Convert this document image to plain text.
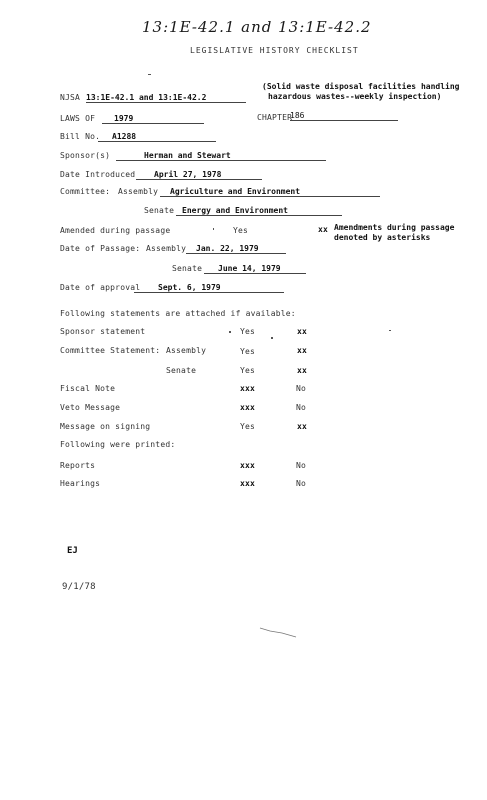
13:1E-42.1 and 13:1E-42.2
LEGISLATIVE HISTORY CHECKLIST
NJSA 13:1E-42.1 and 13:1E-42.2
(Solid waste disposal facilities handling
hazardous wastes--weekly inspection)
LAWS OF	1979	CHAPTER
186
Bill No.	A1288
Sponsor(s)	Herman and Stewart
Date Introduced	April 27, 1978
Committee: Assembly	Agriculture and Environment
Senate Energy and Environment
Amended during passage	Yes	xx Amendments during passage
denoted by asterisks
Date of Passage: Assembly	Jan. 22, 1979
Senate	June 14, 1979
Date of approval	Sept. 6, 1979
Following statements are attached if available:
Sponsor statement	Yes	xx
Committee Statement: Assembly	Yes	xx
Senate	Yes	xx
Fiscal Note	xxx	No
Veto Message	xxx	No
Message on signing	Yes	xx
Following were printed:
Reports	xxx	No
Hearings	xxx	No
EJ
9/1/78
